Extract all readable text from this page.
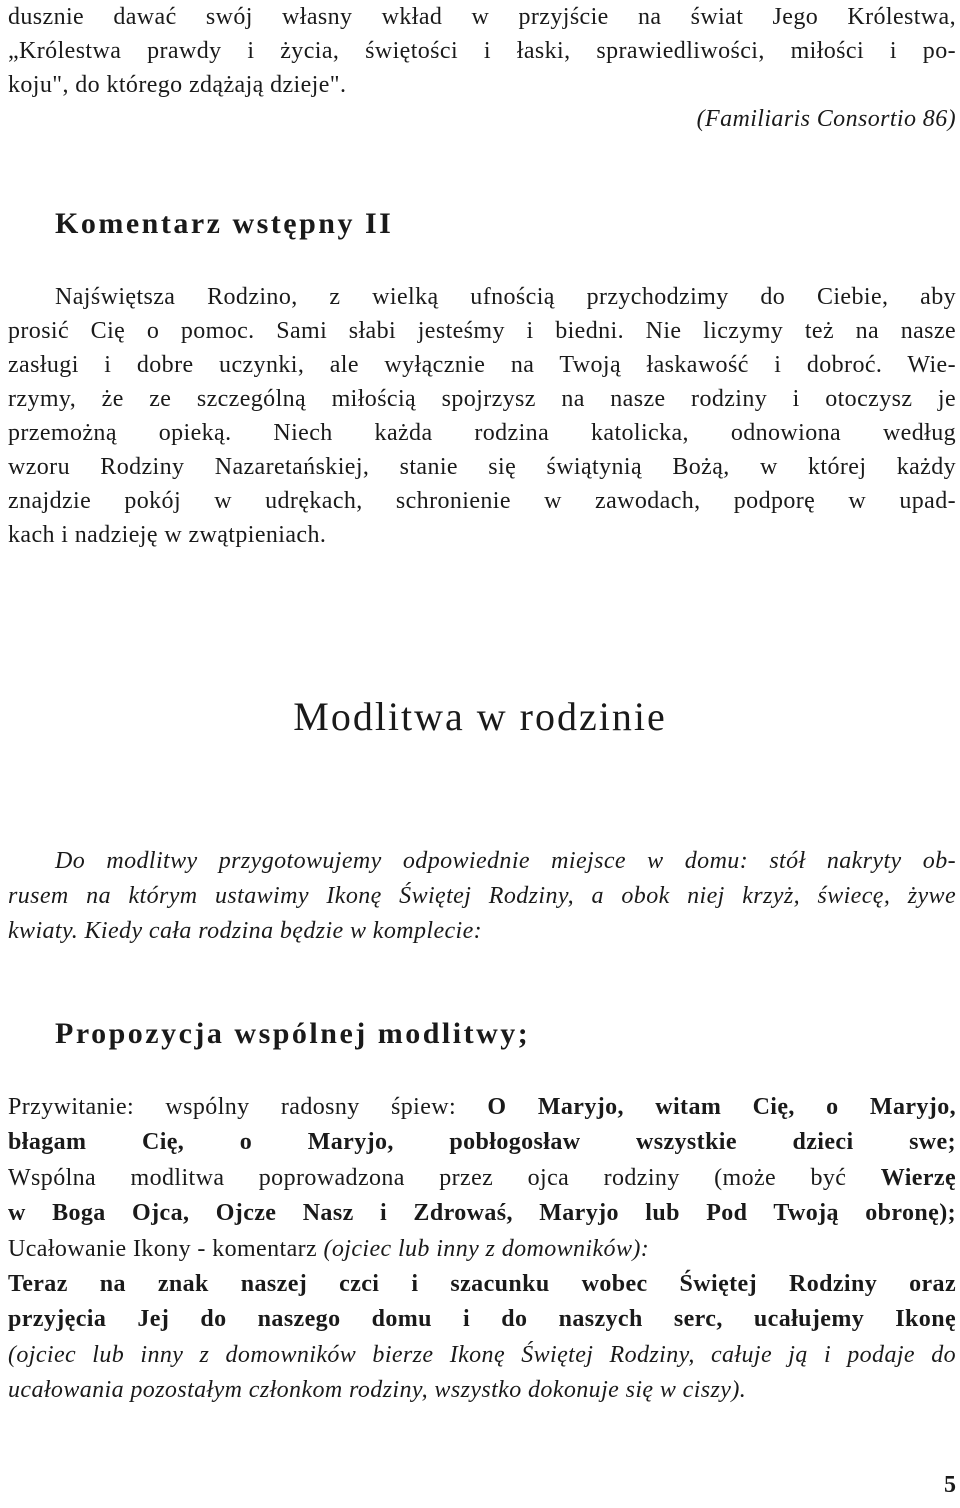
dusznie dawać swój własny wkład w przyjście na świat Jego Królestwa,
„Królestwa prawdy i życia, świętości i łaski, sprawiedliwości, miłości i po-
koju", do którego zdążają dzieje".
(Familiaris Consortio 86)
Komentarz wstępny II
Najświętsza Rodzino, z wielką ufnością przychodzimy do Ciebie, aby
prosić Cię o pomoc. Sami słabi jesteśmy i biedni. Nie liczymy też na nasze
zasługi i dobre uczynki, ale wyłącznie na Twoją łaskawość i dobroć. Wie-
rzymy, że ze szczególną miłością spojrzysz na nasze rodziny i otoczysz je
przemożną opieką. Niech każda rodzina katolicka, odnowiona według
wzoru Rodziny Nazaretańskiej, stanie się świątynią Bożą, w której każdy
znajdzie pokój w udrękach, schronienie w zawodach, podporę w upad-
kach i nadzieję w zwątpieniach.
Modlitwa w rodzinie
Do modlitwy przygotowujemy odpowiednie miejsce w domu: stół nakryty ob-
rusem na którym ustawimy Ikonę Świętej Rodziny, a obok niej krzyż, świecę, żywe
kwiaty. Kiedy cała rodzina będzie w komplecie:
Propozycja wspólnej modlitwy;
Przywitanie: wspólny radosny śpiew: O Maryjo, witam Cię, o Maryjo,
błagam Cię, o Maryjo, pobłogosław wszystkie dzieci swe;
Wspólna modlitwa poprowadzona przez ojca rodziny (może być Wierzę
w Boga Ojca, Ojcze Nasz i Zdrowaś, Maryjo lub Pod Twoją obronę);
Ucałowanie Ikony - komentarz (ojciec lub inny z domowników):
Teraz na znak naszej czci i szacunku wobec Świętej Rodziny oraz
przyjęcia Jej do naszego domu i do naszych serc, ucałujemy Ikonę
(ojciec lub inny z domowników bierze Ikonę Świętej Rodziny, całuje ją i podaje do
ucałowania pozostałym członkom rodziny, wszystko dokonuje się w ciszy).
5
